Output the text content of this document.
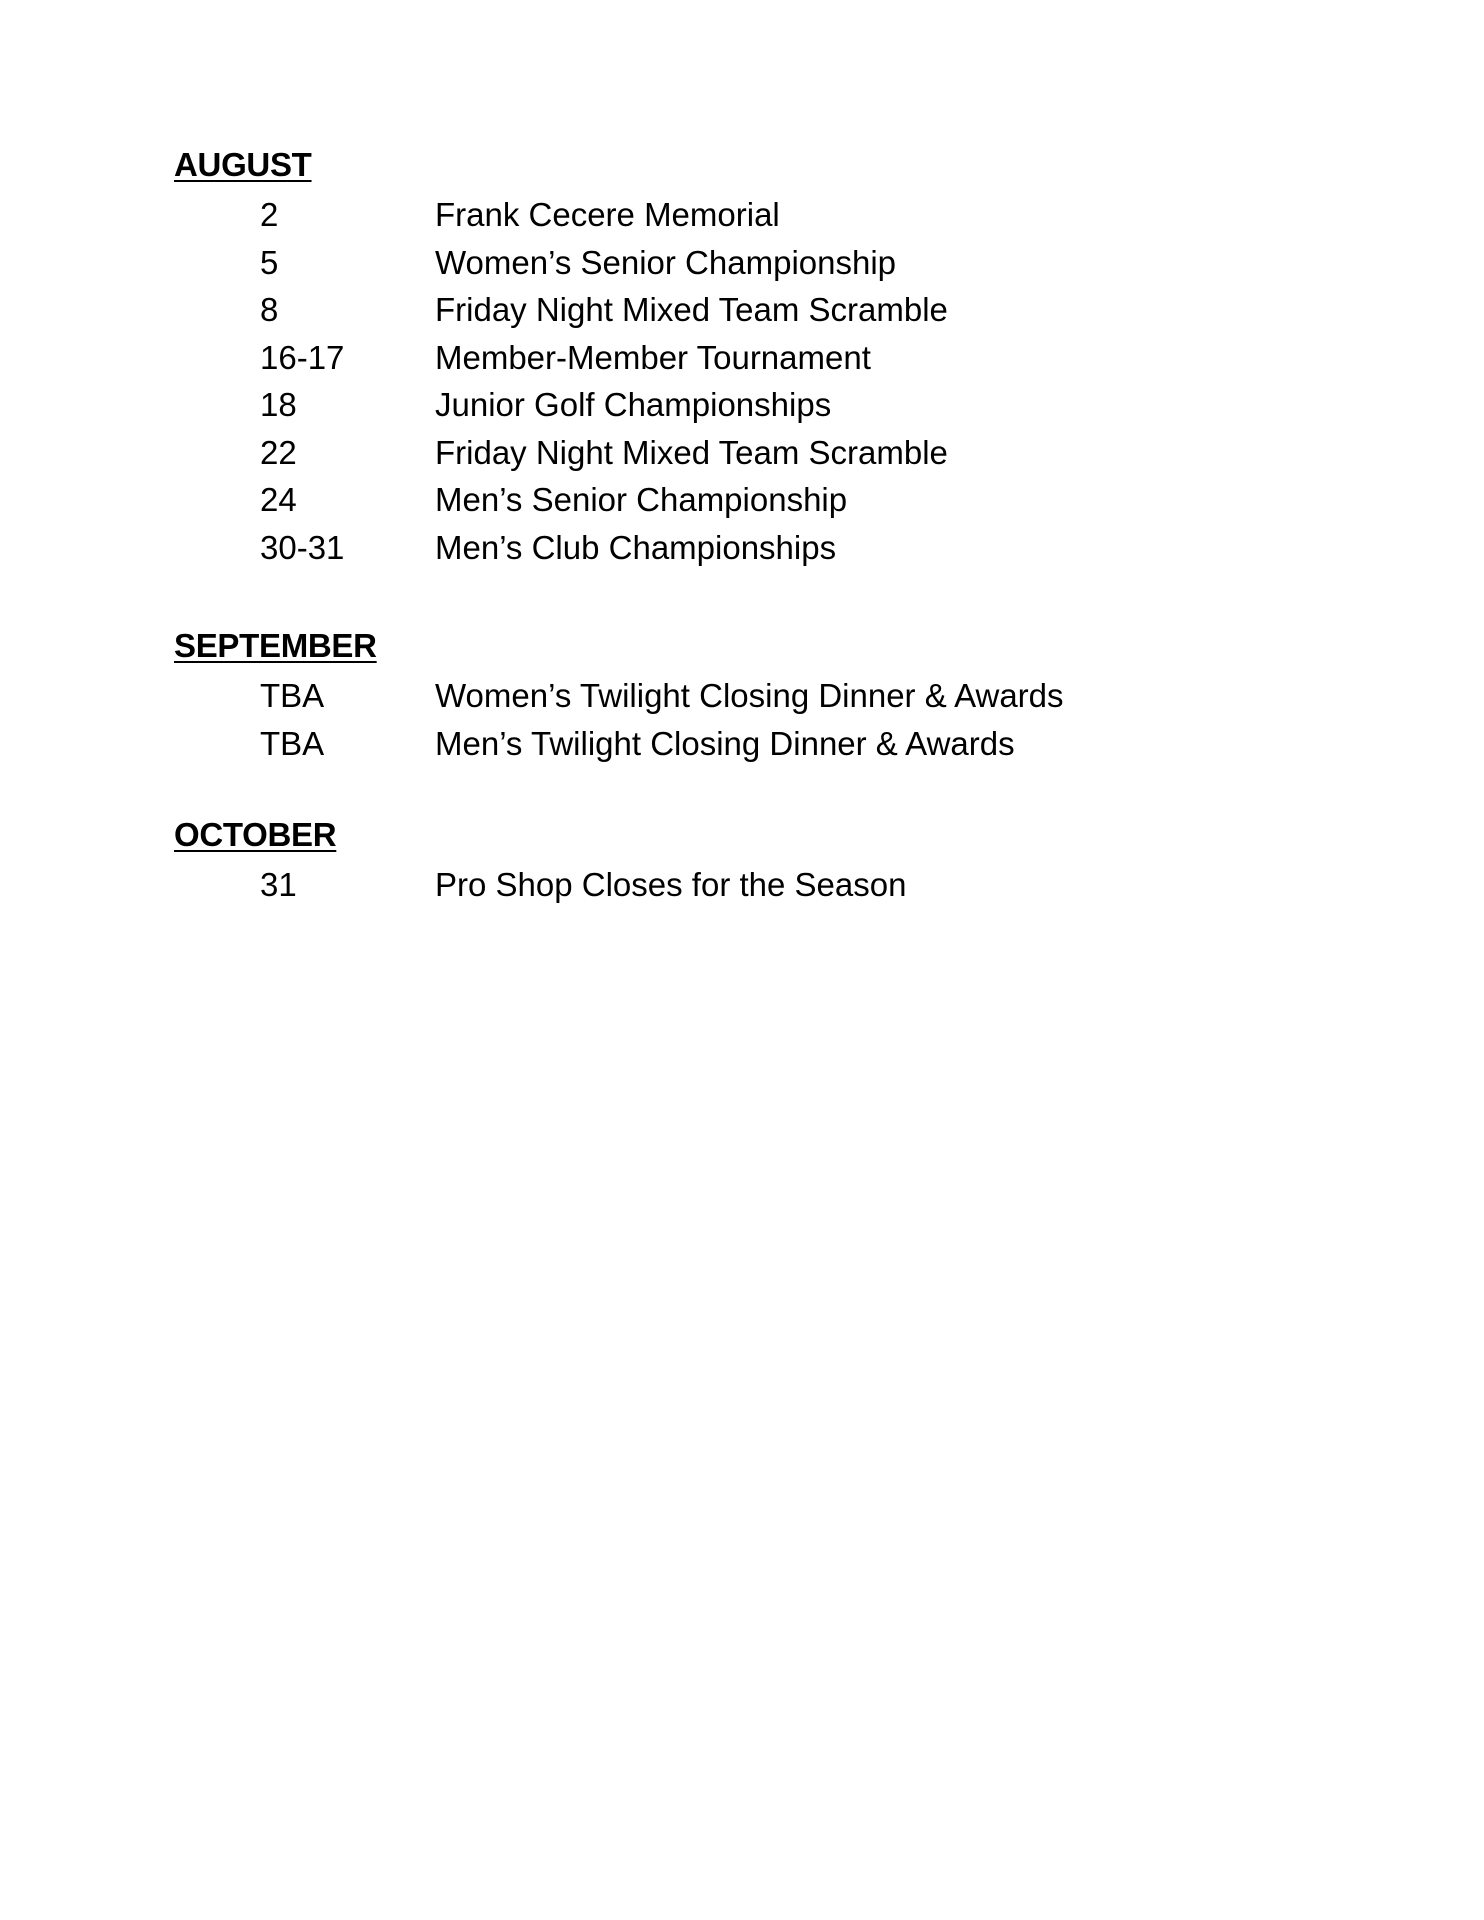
AUGUST
2	Frank Cecere Memorial
5	Women’s Senior Championship
8	Friday Night Mixed Team Scramble
16-17	Member-Member Tournament
18	Junior Golf Championships
22	Friday Night Mixed Team Scramble
24	Men’s Senior Championship
30-31	Men’s Club Championships
SEPTEMBER
TBA	Women’s Twilight Closing Dinner & Awards
TBA	Men’s Twilight Closing Dinner & Awards
OCTOBER
31	Pro Shop Closes for the Season
